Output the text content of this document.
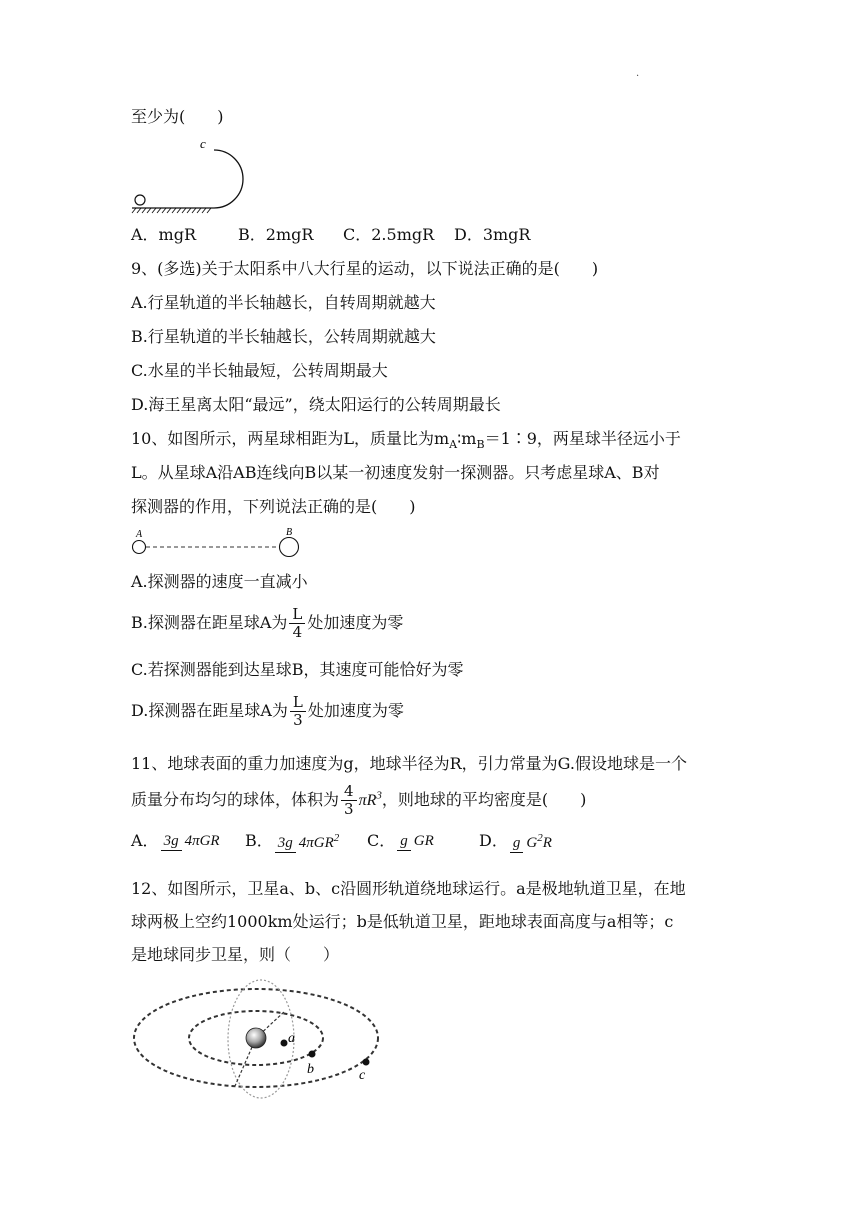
.
至少为(　　)
c
A．mgR	B．2mgR C．2.5mgR D．3mgR
9、(多选)关于太阳系中八大行星的运动，以下说法正确的是(　　)
A.行星轨道的半长轴越长，自转周期就越大
B.行星轨道的半长轴越长，公转周期就越大
C.水星的半长轴最短，公转周期最大
D.海王星离太阳“最远”，绕太阳运行的公转周期最长
10、如图所示，两星球相距为L，质量比为$m_A∶m_B=1∶9$，两星球半径远小于
L。从星球A沿AB连线向B以某一初速度发射一探测器。只考虑星球A、B对
探测器的作用，下列说法正确的是(　　)
A	B
A.探测器的速度一直减小
B.探测器在距星球A为 $\frac{L}{4}$ 处加速度为零
C.若探测器能到达星球B，其速度可能恰好为零
D.探测器在距星球A为 $\frac{L}{3}$ 处加速度为零
11、地球表面的重力加速度为g，地球半径为R，引力常量为G.假设地球是一个
质量分布均匀的球体，体积为 $\frac{4}{3} \pi R^3$，则地球的平均密度是(　　)
A． 3g 4πGR B． 3g 4πGR$^2$ C． g GR	D． g $G^2R$
12、如图所示，卫星a、b、c沿圆形轨道绕地球运行。a是极地轨道卫星，在地
球两极上空约1000km处运行；b是低轨道卫星，距地球表面高度与a相等；c
是地球同步卫星，则（　　）
a
b	c
